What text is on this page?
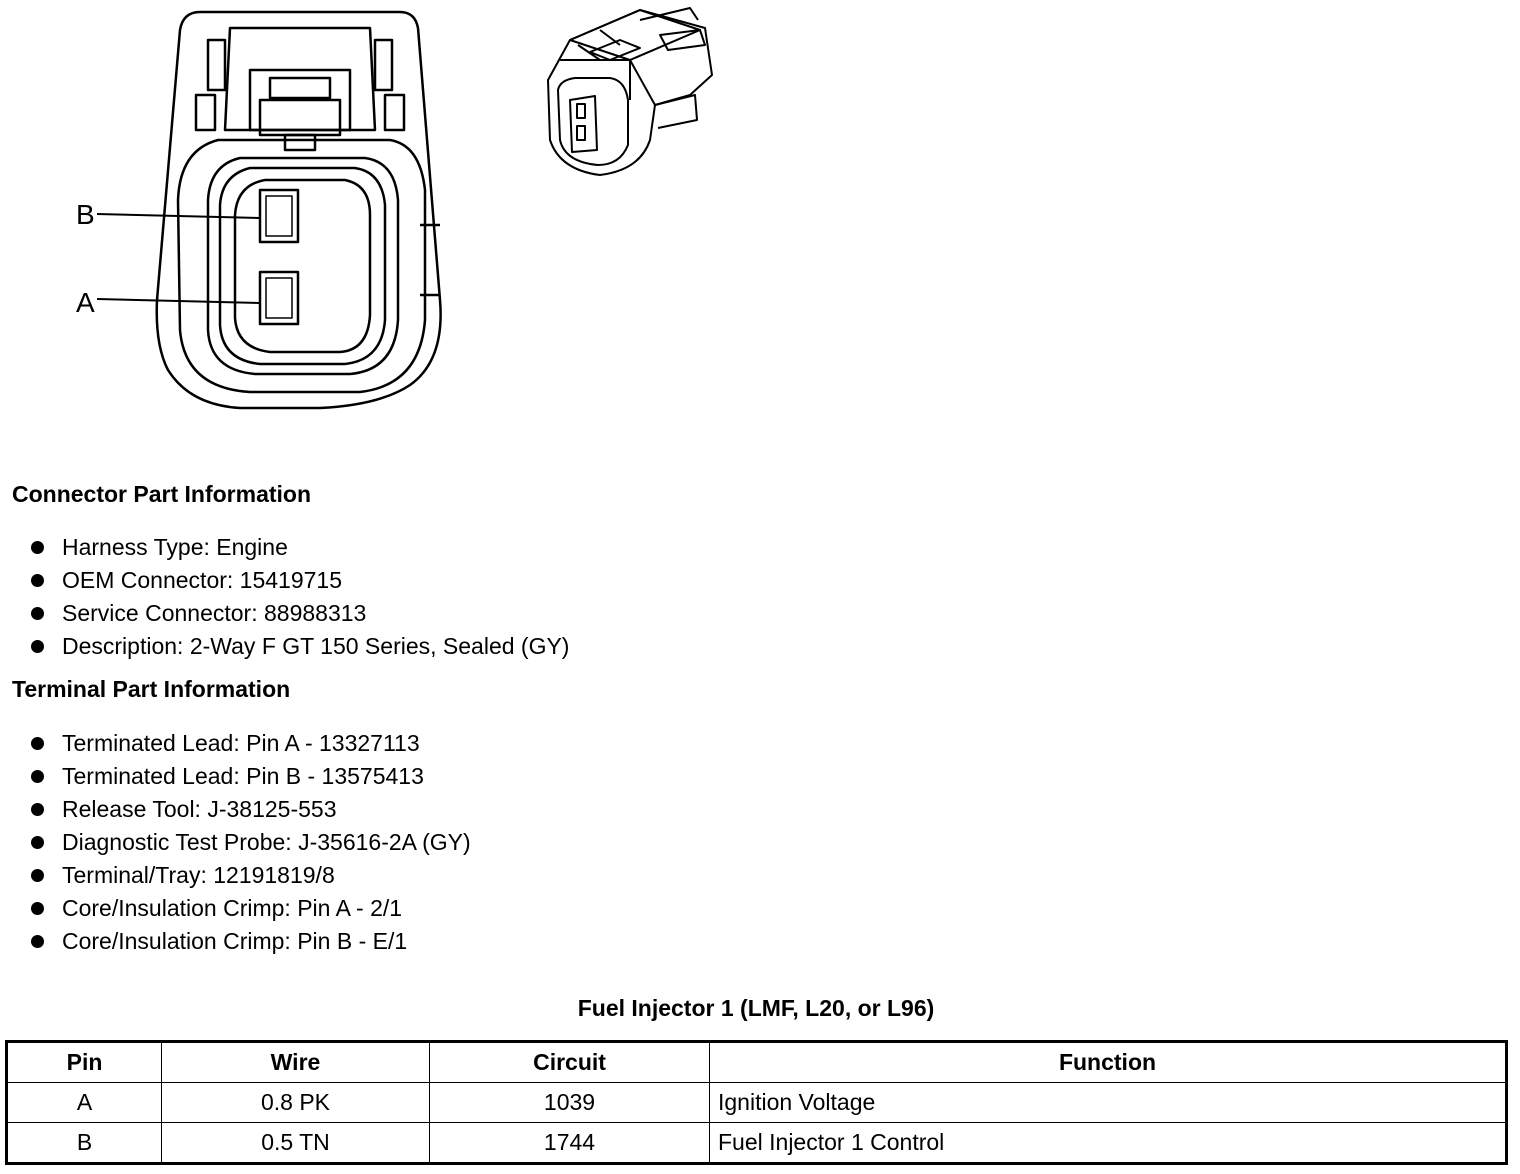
B
A
Connector Part Information
Harness Type: Engine
OEM Connector: 15419715
Service Connector: 88988313
Description: 2-Way F GT 150 Series, Sealed (GY)
Terminal Part Information
Terminated Lead: Pin A - 13327113
Terminated Lead: Pin B - 13575413
Release Tool: J-38125-553
Diagnostic Test Probe: J-35616-2A (GY)
Terminal/Tray: 12191819/8
Core/Insulation Crimp: Pin A - 2/1
Core/Insulation Crimp: Pin B - E/1
Fuel Injector 1 (LMF, L20, or L96)
Pin	Wire	Circuit	Function
A	0.8 PK	1039	Ignition Voltage
B	0.5 TN	1744	Fuel Injector 1 Control
